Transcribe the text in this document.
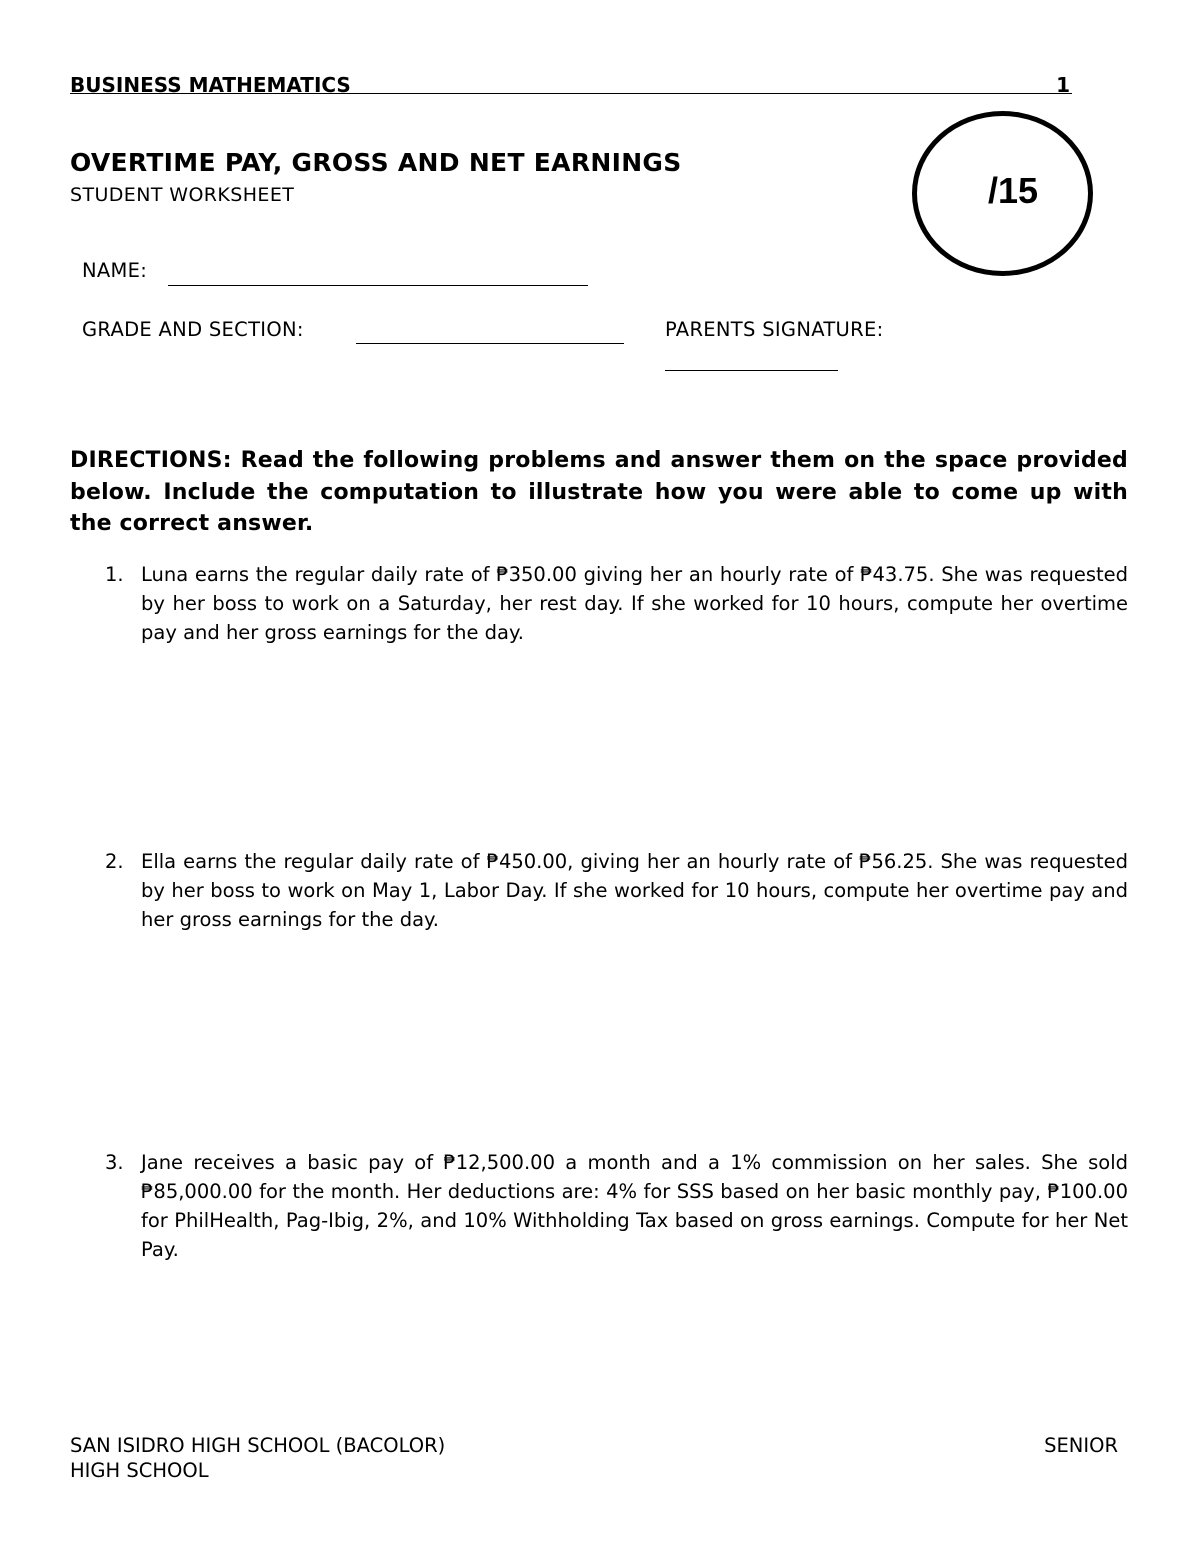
BUSINESS MATHEMATICS	1
OVERTIME PAY, GROSS AND NET EARNINGS
STUDENT WORKSHEET	/15
NAME:
GRADE AND SECTION:	PARENTS SIGNATURE:
DIRECTIONS: Read the following problems and answer them on the space provided below. Include the computation to illustrate how you were able to come up with the correct answer.
1. Luna earns the regular daily rate of ₱350.00 giving her an hourly rate of ₱43.75. She was requested by her boss to work on a Saturday, her rest day. If she worked for 10 hours, compute her overtime pay and her gross earnings for the day.
2. Ella earns the regular daily rate of ₱450.00, giving her an hourly rate of ₱56.25. She was requested by her boss to work on May 1, Labor Day. If she worked for 10 hours, compute her overtime pay and her gross earnings for the day.
3. Jane receives a basic pay of ₱12,500.00 a month and a 1% commission on her sales. She sold ₱85,000.00 for the month. Her deductions are: 4% for SSS based on her basic monthly pay, ₱100.00 for PhilHealth, Pag-Ibig, 2%, and 10% Withholding Tax based on gross earnings. Compute for her Net Pay.
SAN ISIDRO HIGH SCHOOL (BACOLOR)	SENIOR
HIGH SCHOOL
